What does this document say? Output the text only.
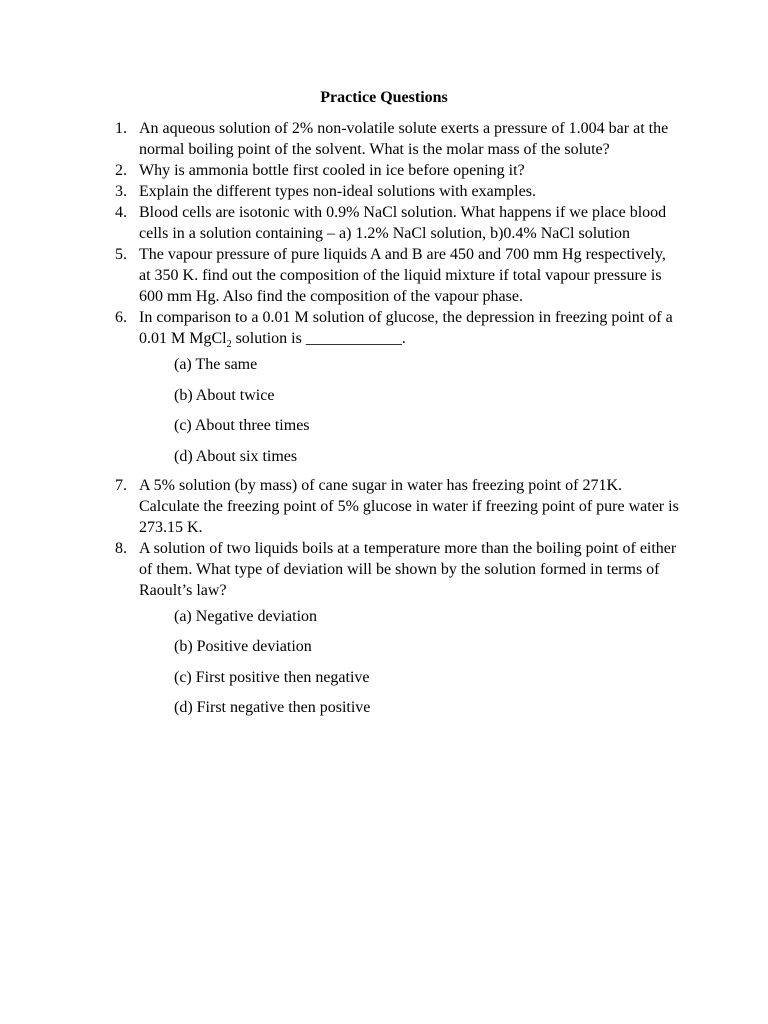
Practice Questions
1. An aqueous solution of 2% non-volatile solute exerts a pressure of 1.004 bar at the normal boiling point of the solvent. What is the molar mass of the solute?
2. Why is ammonia bottle first cooled in ice before opening it?
3. Explain the different types non-ideal solutions with examples.
4. Blood cells are isotonic with 0.9% NaCl solution. What happens if we place blood cells in a solution containing – a) 1.2% NaCl solution, b)0.4% NaCl solution
5. The vapour pressure of pure liquids A and B are 450 and 700 mm Hg respectively, at 350 K. find out the composition of the liquid mixture if total vapour pressure is 600 mm Hg. Also find the composition of the vapour phase.
6. In comparison to a 0.01 M solution of glucose, the depression in freezing point of a 0.01 M MgCl$_2$ solution is ____________.
(a) The same
(b) About twice
(c) About three times
(d) About six times
7. A 5% solution (by mass) of cane sugar in water has freezing point of 271K. Calculate the freezing point of 5% glucose in water if freezing point of pure water is 273.15 K.
8. A solution of two liquids boils at a temperature more than the boiling point of either of them. What type of deviation will be shown by the solution formed in terms of Raoult’s law?
(a) Negative deviation
(b) Positive deviation
(c) First positive then negative
(d) First negative then positive
